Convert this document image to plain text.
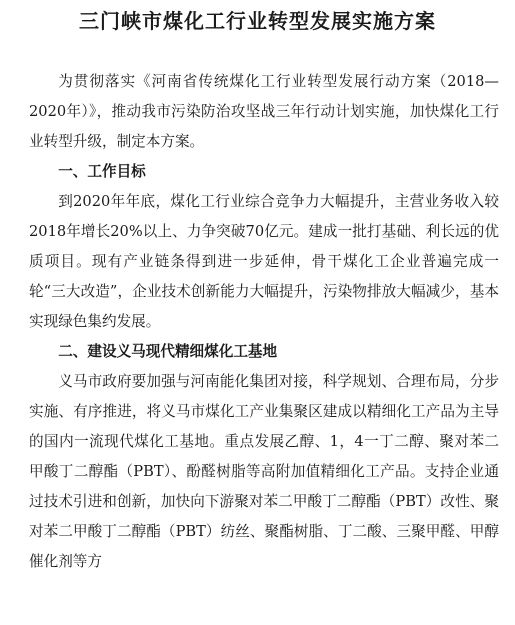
三门峡市煤化工行业转型发展实施方案

为贯彻落实《河南省传统煤化工行业转型发展行动方案（2018—2020年）》，推动我市污染防治攻坚战三年行动计划实施，加快煤化工行业转型升级，制定本方案。

一、工作目标

到2020年年底，煤化工行业综合竞争力大幅提升，主营业务收入较2018年增长20%以上、力争突破70亿元。建成一批打基础、利长远的优质项目。现有产业链条得到进一步延伸，骨干煤化工企业普遍完成一轮“三大改造”，企业技术创新能力大幅提升，污染物排放大幅减少，基本实现绿色集约发展。

二、建设义马现代精细煤化工基地

义马市政府要加强与河南能化集团对接，科学规划、合理布局，分步实施、有序推进，将义马市煤化工产业集聚区建成以精细化工产品为主导的国内一流现代煤化工基地。重点发展乙醇、1，4一丁二醇、聚对苯二甲酸丁二醇酯（PBT）、酚醛树脂等高附加值精细化工产品。支持企业通过技术引进和创新，加快向下游聚对苯二甲酸丁二醇酯（PBT）改性、聚对苯二甲酸丁二醇酯（PBT）纺丝、聚酯树脂、丁二酸、三聚甲醛、甲醇催化剂等方
